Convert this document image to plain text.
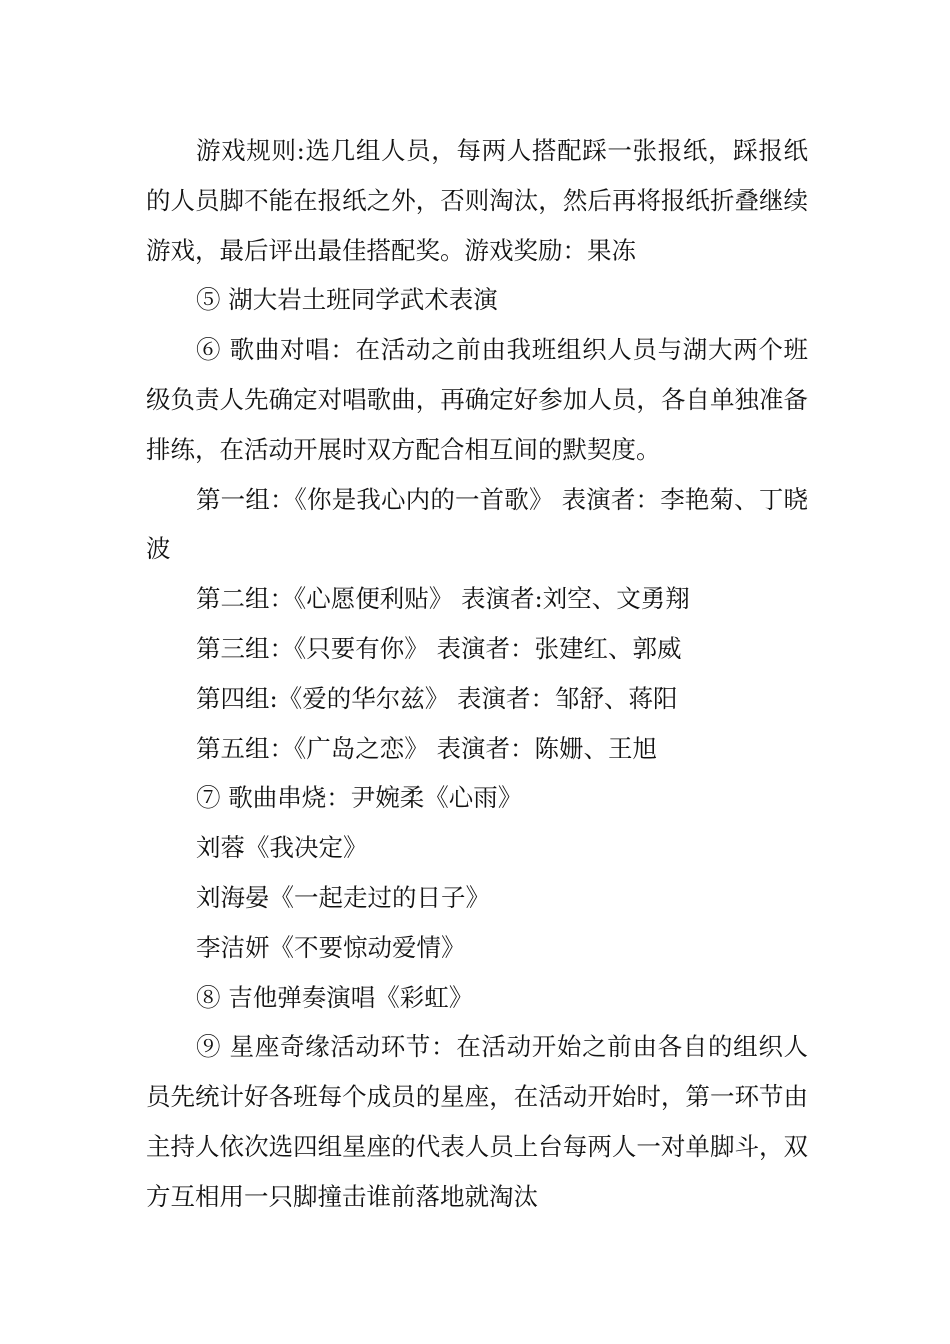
游戏规则:选几组人员，每两人搭配踩一张报纸，踩报纸的人员脚不能在报纸之外，否则淘汰，然后再将报纸折叠继续游戏，最后评出最佳搭配奖。游戏奖励：果冻

⑤ 湖大岩土班同学武术表演

⑥ 歌曲对唱：在活动之前由我班组织人员与湖大两个班级负责人先确定对唱歌曲，再确定好参加人员，各自单独准备排练，在活动开展时双方配合相互间的默契度。

第一组：《你是我心内的一首歌》 表演者：李艳菊、丁晓波

第二组：《心愿便利贴》 表演者:刘空、文勇翔

第三组：《只要有你》 表演者：张建红、郭威

第四组:《爱的华尔兹》 表演者：邹舒、蒋阳

第五组：《广岛之恋》 表演者：陈姗、王旭

⑦ 歌曲串烧：尹婉柔《心雨》

刘蓉《我决定》

刘海晏《一起走过的日子》

李洁妍《不要惊动爱情》

⑧ 吉他弹奏演唱《彩虹》

⑨ 星座奇缘活动环节：在活动开始之前由各自的组织人员先统计好各班每个成员的星座，在活动开始时，第一环节由主持人依次选四组星座的代表人员上台每两人一对单脚斗，双方互相用一只脚撞击谁前落地就淘汰
